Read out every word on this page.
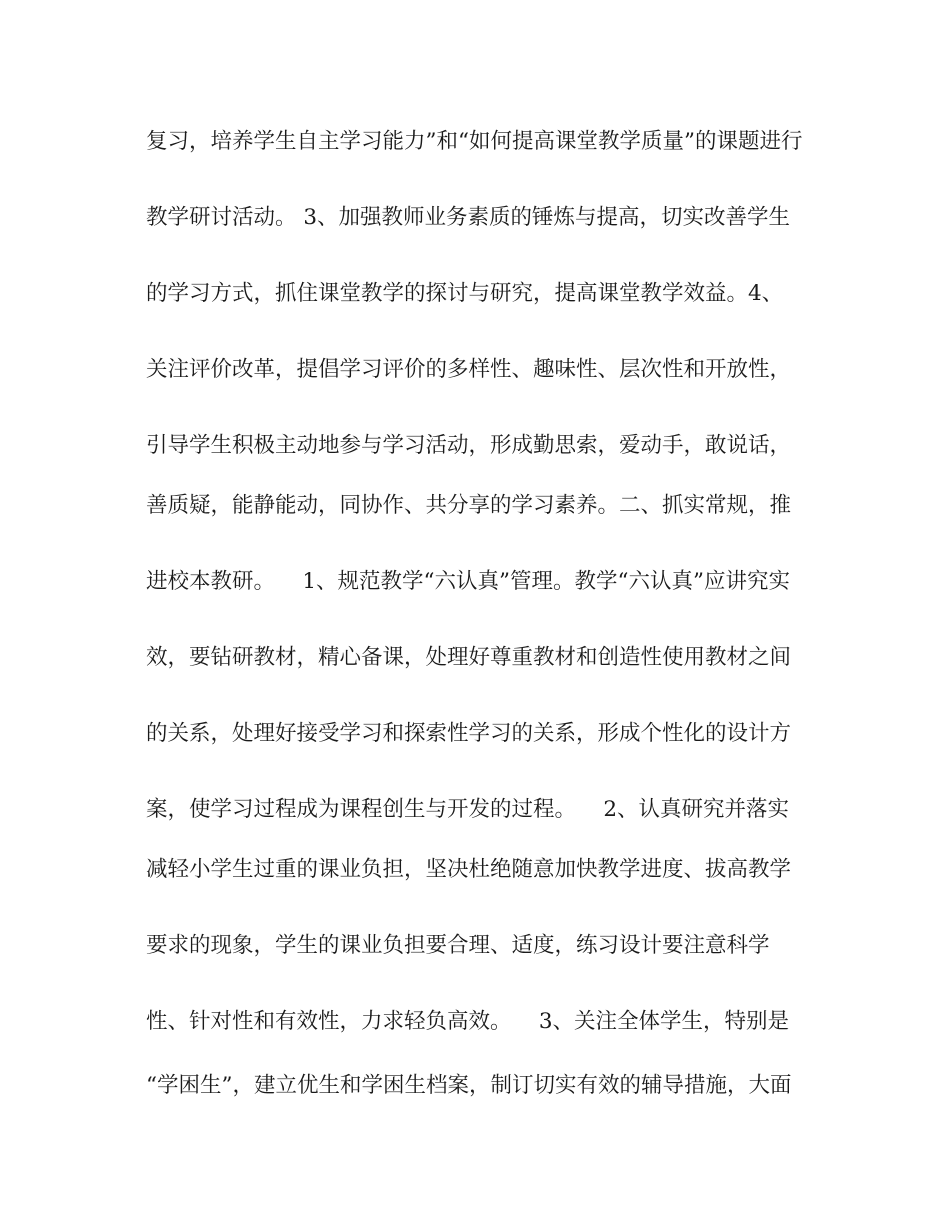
复习，培养学生自主学习能力”和“如何提高课堂教学质量”的课题进行
教学研讨活动。 3、加强教师业务素质的锤炼与提高，切实改善学生
的学习方式，抓住课堂教学的探讨与研究，提高课堂教学效益。4、
关注评价改革，提倡学习评价的多样性、趣味性、层次性和开放性，
引导学生积极主动地参与学习活动，形成勤思索，爱动手，敢说话，
善质疑，能静能动，同协作、共分享的学习素养。二、抓实常规，推
进校本教研。    1、规范教学“六认真”管理。教学“六认真”应讲究实
效，要钻研教材，精心备课，处理好尊重教材和创造性使用教材之间
的关系，处理好接受学习和探索性学习的关系，形成个性化的设计方
案，使学习过程成为课程创生与开发的过程。    2、认真研究并落实
减轻小学生过重的课业负担，坚决杜绝随意加快教学进度、拔高教学
要求的现象，学生的课业负担要合理、适度，练习设计要注意科学
性、针对性和有效性，力求轻负高效。    3、关注全体学生，特别是
“学困生”，建立优生和学困生档案，制订切实有效的辅导措施，大面
